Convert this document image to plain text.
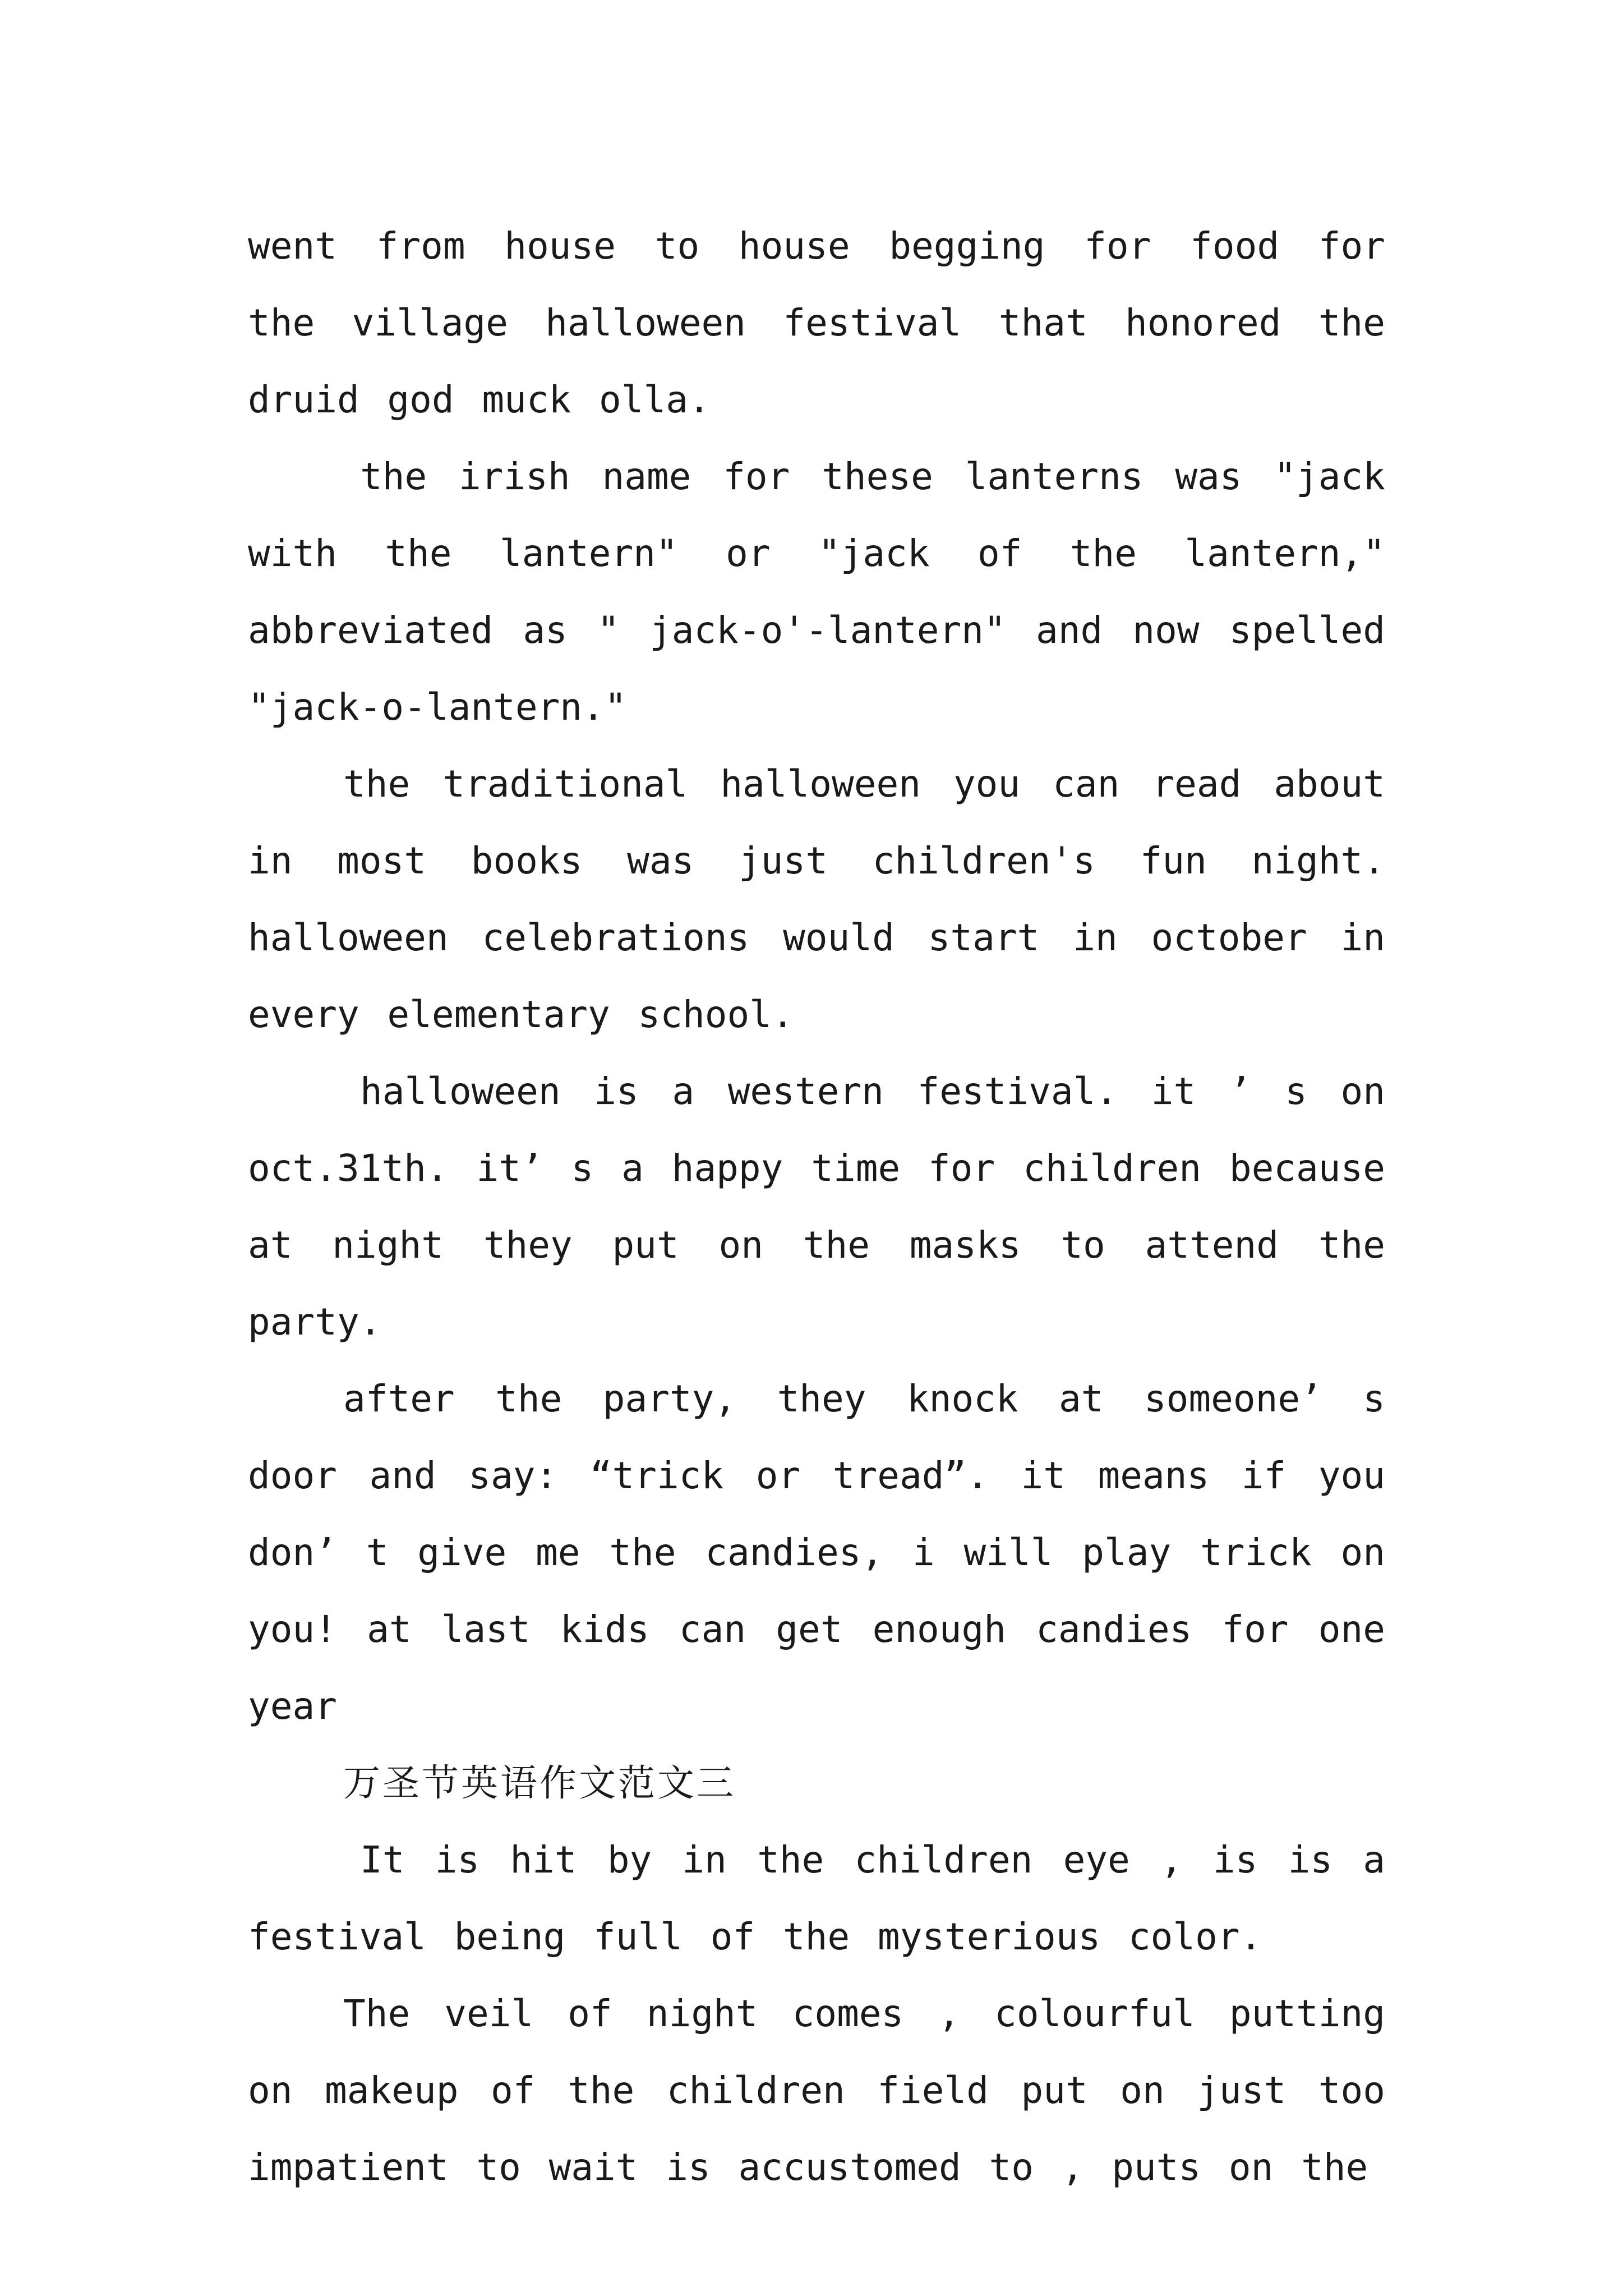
went from house to house begging for food for the village halloween festival that honored the druid god muck olla.

the irish name for these lanterns was "jack with the lantern" or "jack of the lantern," abbreviated as " jack-o'-lantern" and now spelled "jack-o-lantern."

the traditional halloween you can read about in most books was just children's fun night. halloween celebrations would start in october in every elementary school.

halloween is a western festival. it ’ s on oct.31th. it’ s a happy time for children because at night they put on the masks to attend the party.

after the party, they knock at someone’ s door and say: “trick or tread”. it means if you don’ t give me the candies, i will play trick on you! at last kids can get enough candies for one year

万圣节英语作文范文三

It is hit by in the children eye , is is a festival being full of the mysterious color.

The veil of night comes , colourful putting on makeup of the children field put on just too impatient to wait is accustomed to , puts on the
